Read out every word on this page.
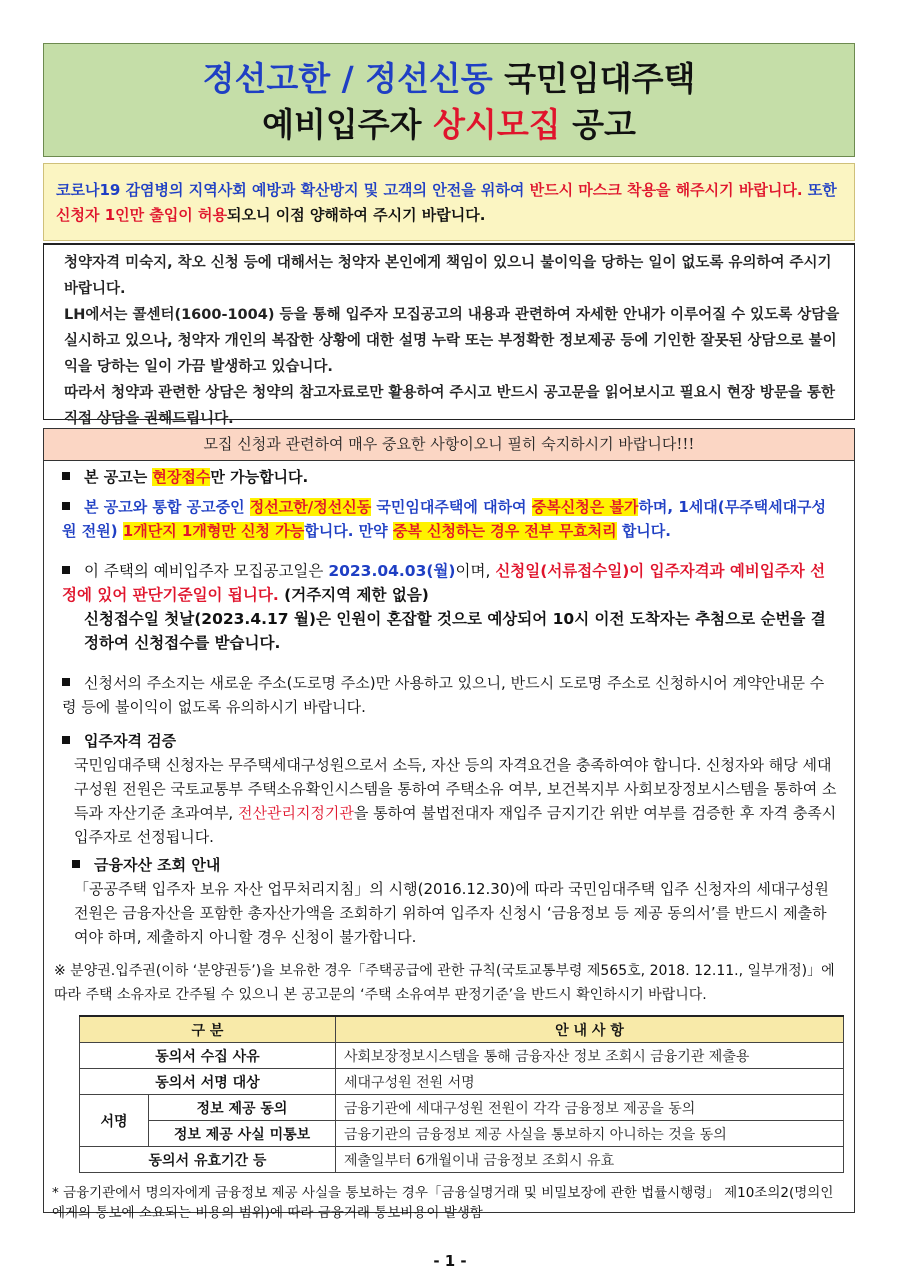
정선고한 / 정선신동 국민임대주택
예비입주자 상시모집 공고
코로나19 감염병의 지역사회 예방과 확산방지 및 고객의 안전을 위하여 반드시 마스크 착용을 해주시기 바랍니다. 또한 신청자 1인만 출입이 허용되오니 이점 양해하여 주시기 바랍니다.
청약자격 미숙지, 착오 신청 등에 대해서는 청약자 본인에게 책임이 있으니 불이익을 당하는 일이 없도록 유의하여 주시기 바랍니다.
LH에서는 콜센터(1600-1004) 등을 통해 입주자 모집공고의 내용과 관련하여 자세한 안내가 이루어질 수 있도록 상담을 실시하고 있으나, 청약자 개인의 복잡한 상황에 대한 설명 누락 또는 부정확한 정보제공 등에 기인한 잘못된 상담으로 불이익을 당하는 일이 가끔 발생하고 있습니다.
따라서 청약과 관련한 상담은 청약의 참고자료로만 활용하여 주시고 반드시 공고문을 읽어보시고 필요시 현장 방문을 통한 직접 상담을 권해드립니다.
모집 신청과 관련하여 매우 중요한 사항이오니 필히 숙지하시기 바랍니다!!!
본 공고는 현장접수만 가능합니다.
본 공고와 통합 공고중인 정선고한/정선신동 국민임대주택에 대하여 중복신청은 불가하며, 1세대(무주택세대구성원 전원) 1개단지 1개형만 신청 가능합니다. 만약 중복 신청하는 경우 전부 무효처리 합니다.
이 주택의 예비입주자 모집공고일은 2023.04.03(월)이며, 신청일(서류접수일)이 입주자격과 예비입주자 선정에 있어 판단기준일이 됩니다. (거주지역 제한 없음)
신청접수일 첫날(2023.4.17 월)은 인원이 혼잡할 것으로 예상되어 10시 이전 도착자는 추첨으로 순번을 결정하여 신청접수를 받습니다.
신청서의 주소지는 새로운 주소(도로명 주소)만 사용하고 있으니, 반드시 도로명 주소로 신청하시어 계약안내문 수령 등에 불이익이 없도록 유의하시기 바랍니다.
입주자격 검증
국민임대주택 신청자는 무주택세대구성원으로서 소득, 자산 등의 자격요건을 충족하여야 합니다. 신청자와 해당 세대구성원 전원은 국토교통부 주택소유확인시스템을 통하여 주택소유 여부, 보건복지부 사회보장정보시스템을 통하여 소득과 자산기준 초과여부, 전산관리지정기관을 통하여 불법전대자 재입주 금지기간 위반 여부를 검증한 후 자격 충족시 입주자로 선정됩니다.
금융자산 조회 안내
「공공주택 입주자 보유 자산 업무처리지침」의 시행(2016.12.30)에 따라 국민임대주택 입주 신청자의 세대구성원 전원은 금융자산을 포함한 총자산가액을 조회하기 위하여 입주자 신청시 ‘금융정보 등 제공 동의서’를 반드시 제출하여야 하며, 제출하지 아니할 경우 신청이 불가합니다.
※ 분양권.입주권(이하 ‘분양권등’)을 보유한 경우「주택공급에 관한 규칙(국토교통부령 제565호, 2018. 12.11., 일부개정)」에 따라 주택 소유자로 간주될 수 있으니 본 공고문의 ‘주택 소유여부 판정기준’을 반드시 확인하시기 바랍니다.
구 분		안 내 사 항
동의서 수집 사유		사회보장정보시스템을 통해 금융자산 정보 조회시 금융기관 제출용
동의서 서명 대상		세대구성원 전원 서명
서명	정보 제공 동의	금융기관에 세대구성원 전원이 각각 금융정보 제공을 동의
	정보 제공 사실 미통보	금융기관의 금융정보 제공 사실을 통보하지 아니하는 것을 동의
동의서 유효기간 등		제출일부터 6개월이내 금융정보 조회시 유효
* 금융기관에서 명의자에게 금융정보 제공 사실을 통보하는 경우「금융실명거래 및 비밀보장에 관한 법률시행령」 제10조의2(명의인에게의 통보에 소요되는 비용의 범위)에 따라 금융거래 통보비용이 발생함
- 1 -
